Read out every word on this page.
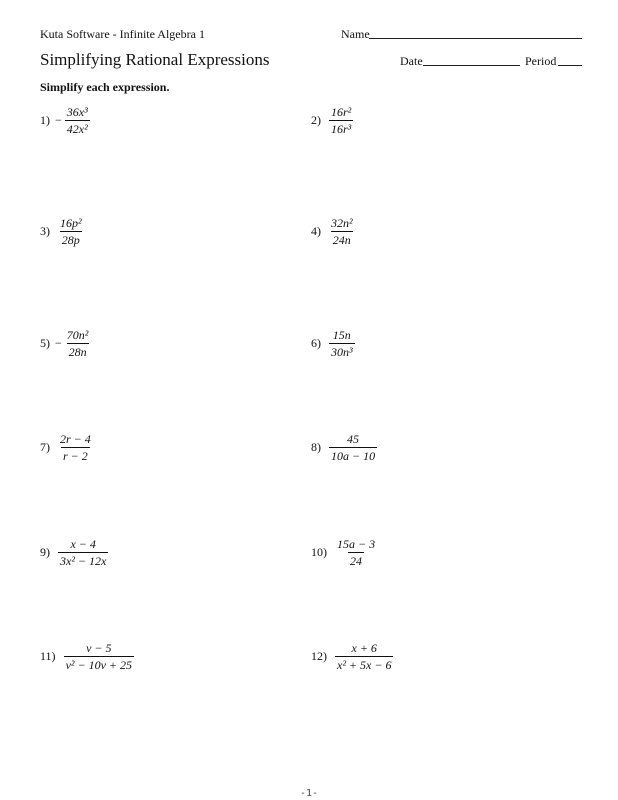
Kuta Software - Infinite Algebra 1	Name
Simplifying Rational Expressions	Date	Period
Simplify each expression.
$1) - \frac{\text{36x³}}{\text{42x²}}$	$2) \frac{\text{16r²}}{\text{16r³}}$
$3) \frac{\text{16p²}}{28p}$	$4) \frac{\text{32n²}}{24n}$
$5) - \frac{\text{70n²}}{28n}$	$6) \frac{15n}{\text{30n³}}$
$7) \frac{2r - 4}{r - 2}$	$8) \frac{45}{10a - 10}$
$9) \frac{x - 4}{\text{3x² − 12x}}$	$10) \frac{15a - 3}{24}$
$11) \frac{v - 5}{\text{v² − 10v + 25}}$	$12) \frac{x + 6}{\text{x² + 5x − 6}}$
-1-
